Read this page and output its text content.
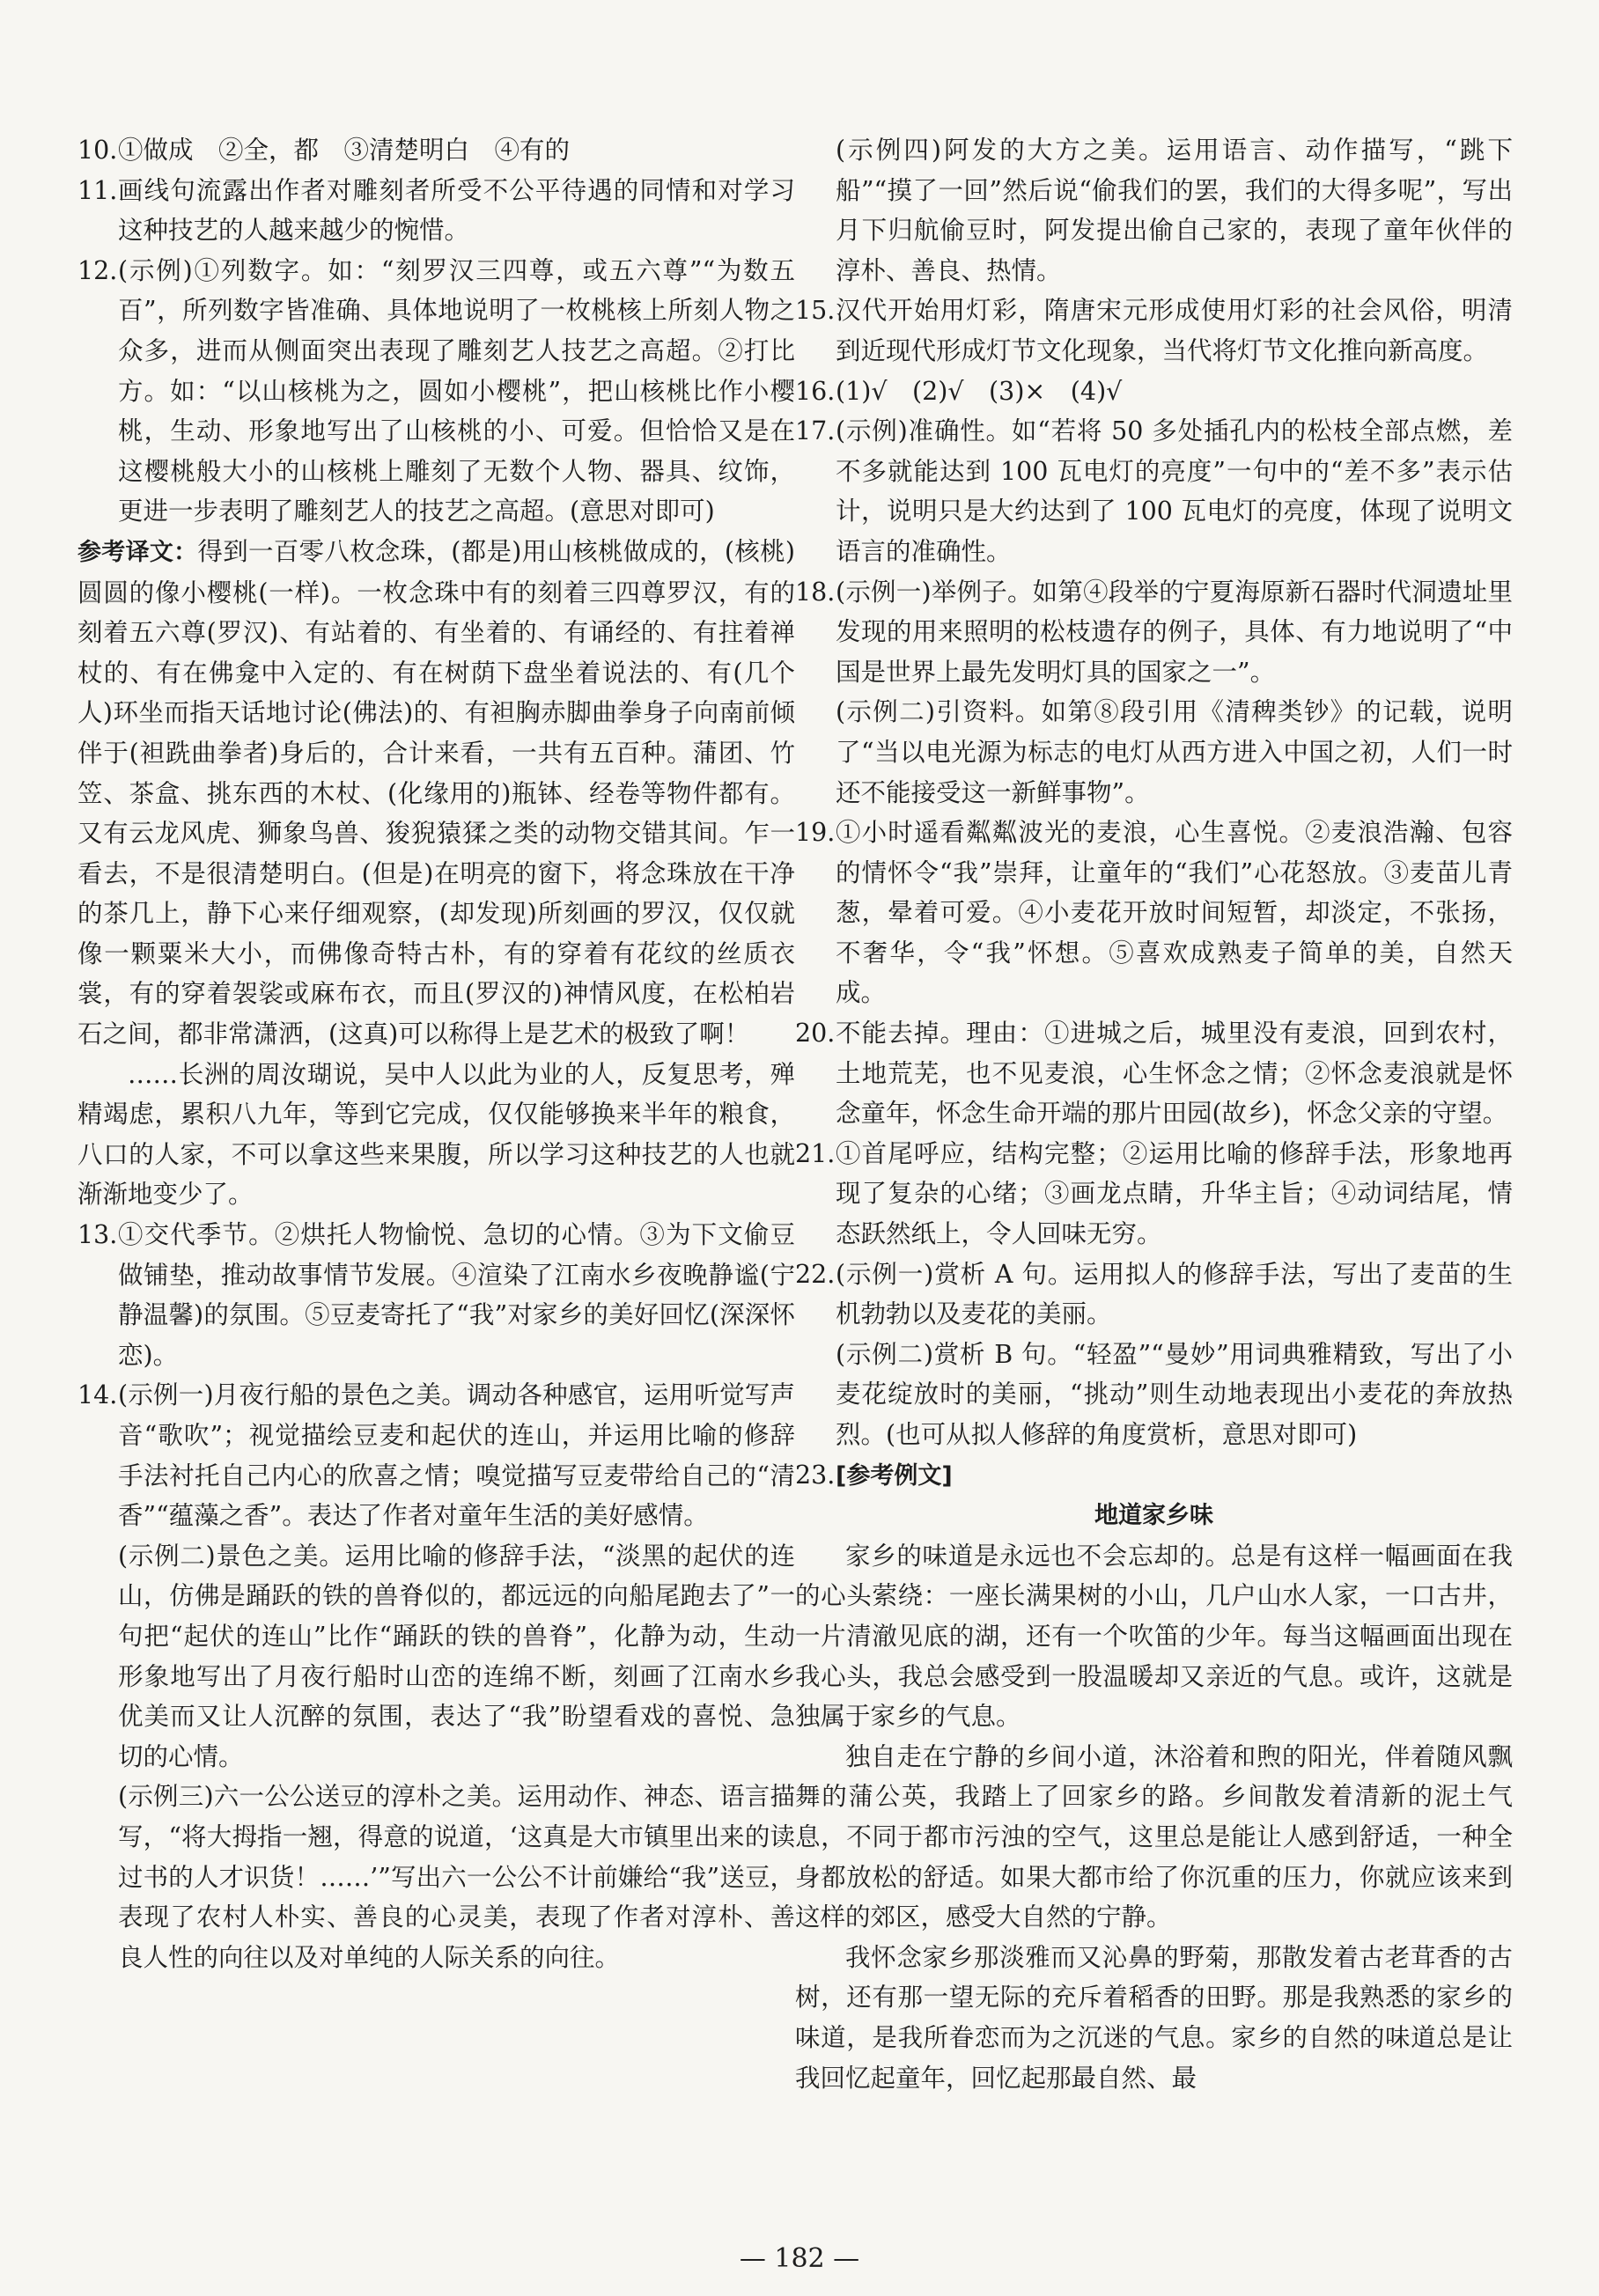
10. ①做成　②全，都　③清楚明白　④有的
11. 画线句流露出作者对雕刻者所受不公平待遇的同情和对学习这种技艺的人越来越少的惋惜。
12. (示例)①列数字。如：“刻罗汉三四尊，或五六尊”“为数五百”，所列数字皆准确、具体地说明了一枚桃核上所刻人物之众多，进而从侧面突出表现了雕刻艺人技艺之高超。②打比方。如：“以山核桃为之，圆如小樱桃”，把山核桃比作小樱桃，生动、形象地写出了山核桃的小、可爱。但恰恰又是在这樱桃般大小的山核桃上雕刻了无数个人物、器具、纹饰，更进一步表明了雕刻艺人的技艺之高超。(意思对即可)
参考译文：得到一百零八枚念珠，(都是)用山核桃做成的，(核桃)圆圆的像小樱桃(一样)。一枚念珠中有的刻着三四尊罗汉，有的刻着五六尊(罗汉)、有站着的、有坐着的、有诵经的、有拄着禅杖的、有在佛龛中入定的、有在树荫下盘坐着说法的、有(几个人)环坐而指天话地讨论(佛法)的、有袒胸赤脚曲拳身子向南前倾伴于(袒跣曲拳者)身后的，合计来看，一共有五百种。蒲团、竹笠、茶盒、挑东西的木杖、(化缘用的)瓶钵、经卷等物件都有。又有云龙风虎、狮象鸟兽、狻猊猿猱之类的动物交错其间。乍一看去，不是很清楚明白。(但是)在明亮的窗下，将念珠放在干净的茶几上，静下心来仔细观察，(却发现)所刻画的罗汉，仅仅就像一颗粟米大小，而佛像奇特古朴，有的穿着有花纹的丝质衣裳，有的穿着袈裟或麻布衣，而且(罗汉的)神情风度，在松柏岩石之间，都非常潇洒，(这真)可以称得上是艺术的极致了啊！
……长洲的周汝瑚说，吴中人以此为业的人，反复思考，殚精竭虑，累积八九年，等到它完成，仅仅能够换来半年的粮食，八口的人家，不可以拿这些来果腹，所以学习这种技艺的人也就渐渐地变少了。
13. ①交代季节。②烘托人物愉悦、急切的心情。③为下文偷豆做铺垫，推动故事情节发展。④渲染了江南水乡夜晚静谧(宁静温馨)的氛围。⑤豆麦寄托了“我”对家乡的美好回忆(深深怀恋)。
14. (示例一)月夜行船的景色之美。调动各种感官，运用听觉写声音“歌吹”；视觉描绘豆麦和起伏的连山，并运用比喻的修辞手法衬托自己内心的欣喜之情；嗅觉描写豆麦带给自己的“清香”“蕴藻之香”。表达了作者对童年生活的美好感情。
(示例二)景色之美。运用比喻的修辞手法，“淡黑的起伏的连山，仿佛是踊跃的铁的兽脊似的，都远远的向船尾跑去了”一句把“起伏的连山”比作“踊跃的铁的兽脊”，化静为动，生动形象地写出了月夜行船时山峦的连绵不断，刻画了江南水乡优美而又让人沉醉的氛围，表达了“我”盼望看戏的喜悦、急切的心情。
(示例三)六一公公送豆的淳朴之美。运用动作、神态、语言描写，“将大拇指一翘，得意的说道，‘这真是大市镇里出来的读过书的人才识货！……’”写出六一公公不计前嫌给“我”送豆，表现了农村人朴实、善良的心灵美，表现了作者对淳朴、善良人性的向往以及对单纯的人际关系的向往。
(示例四)阿发的大方之美。运用语言、动作描写，“跳下船”“摸了一回”然后说“偷我们的罢，我们的大得多呢”，写出月下归航偷豆时，阿发提出偷自己家的，表现了童年伙伴的淳朴、善良、热情。
15. 汉代开始用灯彩，隋唐宋元形成使用灯彩的社会风俗，明清到近现代形成灯节文化现象，当代将灯节文化推向新高度。
16. (1)√　(2)√　(3)×　(4)√
17. (示例)准确性。如“若将 50 多处插孔内的松枝全部点燃，差不多就能达到 100 瓦电灯的亮度”一句中的“差不多”表示估计，说明只是大约达到了 100 瓦电灯的亮度，体现了说明文语言的准确性。
18. (示例一)举例子。如第④段举的宁夏海原新石器时代洞遗址里发现的用来照明的松枝遗存的例子，具体、有力地说明了“中国是世界上最先发明灯具的国家之一”。
(示例二)引资料。如第⑧段引用《清稗类钞》的记载，说明了“当以电光源为标志的电灯从西方进入中国之初，人们一时还不能接受这一新鲜事物”。
19. ①小时遥看粼粼波光的麦浪，心生喜悦。②麦浪浩瀚、包容的情怀令“我”崇拜，让童年的“我们”心花怒放。③麦苗儿青葱，晕着可爱。④小麦花开放时间短暂，却淡定，不张扬，不奢华，令“我”怀想。⑤喜欢成熟麦子简单的美，自然天成。
20. 不能去掉。理由：①进城之后，城里没有麦浪，回到农村，土地荒芜，也不见麦浪，心生怀念之情；②怀念麦浪就是怀念童年，怀念生命开端的那片田园(故乡)，怀念父亲的守望。
21. ①首尾呼应，结构完整；②运用比喻的修辞手法，形象地再现了复杂的心绪；③画龙点睛，升华主旨；④动词结尾，情态跃然纸上，令人回味无穷。
22. (示例一)赏析 A 句。运用拟人的修辞手法，写出了麦苗的生机勃勃以及麦花的美丽。
(示例二)赏析 B 句。“轻盈”“曼妙”用词典雅精致，写出了小麦花绽放时的美丽，“挑动”则生动地表现出小麦花的奔放热烈。(也可从拟人修辞的角度赏析，意思对即可)
23. [参考例文]
地道家乡味
家乡的味道是永远也不会忘却的。总是有这样一幅画面在我的心头萦绕：一座长满果树的小山，几户山水人家，一口古井，一片清澈见底的湖，还有一个吹笛的少年。每当这幅画面出现在我心头，我总会感受到一股温暖却又亲近的气息。或许，这就是独属于家乡的气息。
独自走在宁静的乡间小道，沐浴着和煦的阳光，伴着随风飘舞的蒲公英，我踏上了回家乡的路。乡间散发着清新的泥土气息，不同于都市污浊的空气，这里总是能让人感到舒适，一种全身都放松的舒适。如果大都市给了你沉重的压力，你就应该来到这样的郊区，感受大自然的宁静。
我怀念家乡那淡雅而又沁鼻的野菊，那散发着古老茸香的古树，还有那一望无际的充斥着稻香的田野。那是我熟悉的家乡的味道，是我所眷恋而为之沉迷的气息。家乡的自然的味道总是让我回忆起童年，回忆起那最自然、最
— 182 —
